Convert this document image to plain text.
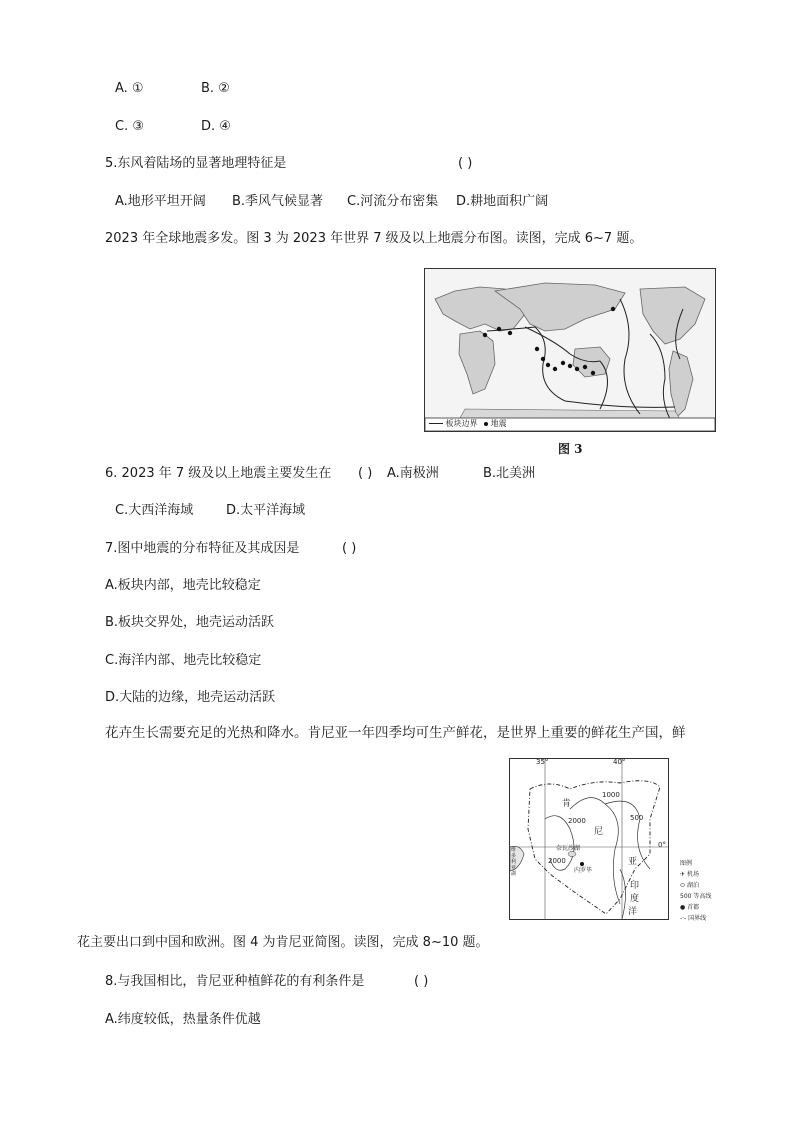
A. ①	B. ②
C. ③	D. ④
5.东风着陆场的显著地理特征是	( )
A.地形平坦开阔 B.季风气候显著 C.河流分布密集 D.耕地面积广阔
2023 年全球地震多发。图 3 为 2023 年世界 7 级及以上地震分布图。读图，完成 6~7 题。
板块边界 地震
图 3
6. 2023 年 7 级及以上地震主要发生在 ( ) A.南极洲	B.北美洲
C.大西洋海域	D.太平洋海域
7.图中地震的分布特征及其成因是	( )
A.板块内部，地壳比较稳定
B.板块交界处，地壳运动活跃
C.海洋内部、地壳比较稳定
D.大陆的边缘，地壳运动活跃
花卉生长需要充足的光热和降水。肯尼亚一年四季均可生产鲜花，是世界上重要的鲜花生产国，鲜
35°	40°
0°
肯
尼
亚
印
度
洋
1000
2000
2000
500
内罗毕
奈瓦沙湖
维多利亚湖
图例
✈ 机场
⬭ 湖泊
500 等高线
● 首都
-·- 国界线
花主要出口到中国和欧洲。图 4 为肯尼亚简图。读图，完成 8~10 题。
8.与我国相比，肯尼亚种植鲜花的有利条件是	( )
A.纬度较低，热量条件优越
